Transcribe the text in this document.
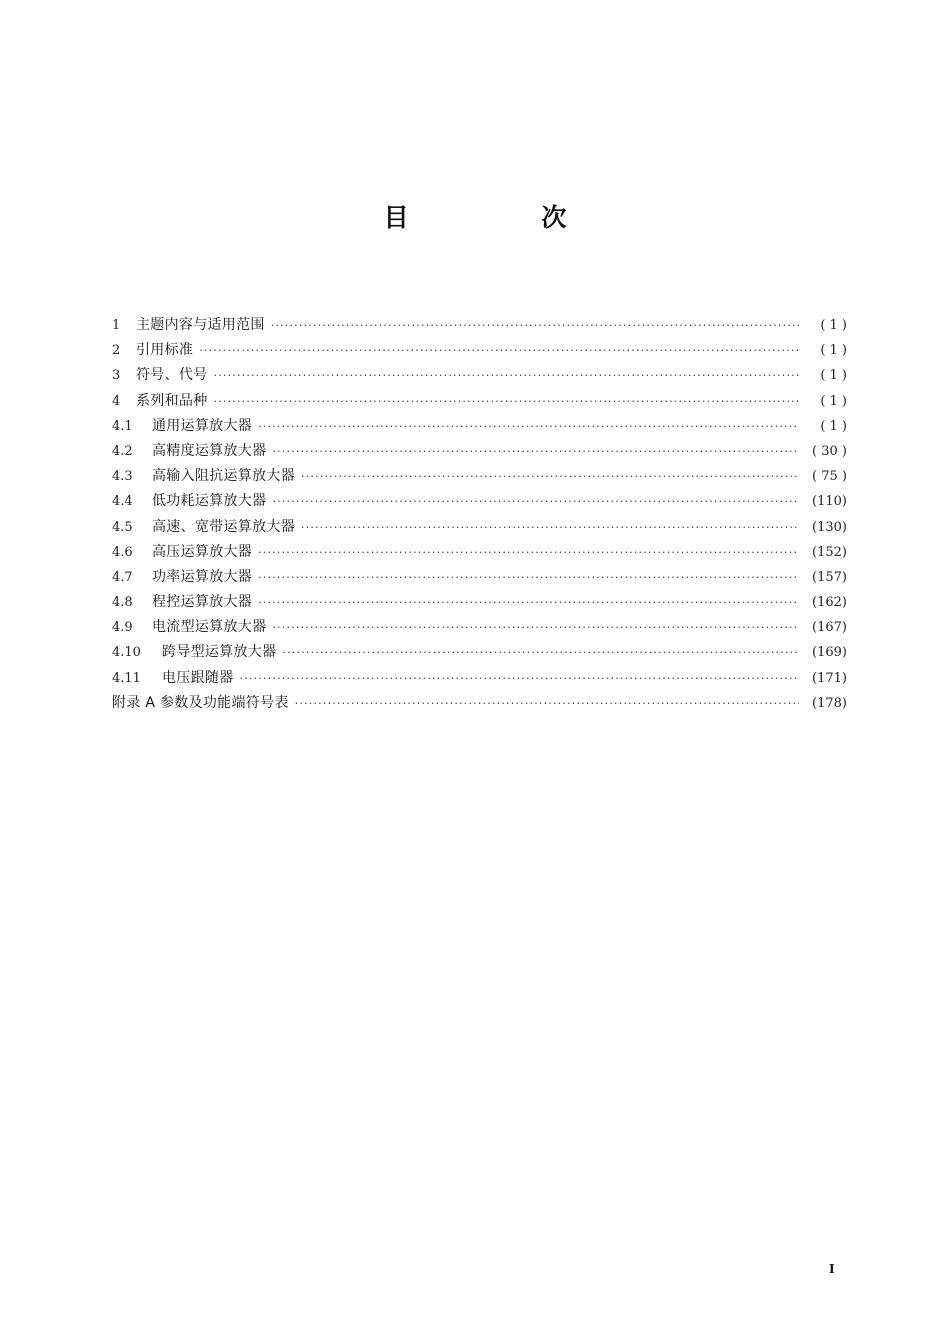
目 次
1	主题内容与适用范围 ·····	( 1 )
2	引用标准 ·····	( 1 )
3	符号、代号 ·····	( 1 )
4	系列和品种 ·····	( 1 )
4.1	通用运算放大器 ·····	( 1 )
4.2	高精度运算放大器 ·····	( 30 )
4.3	高输入阻抗运算放大器 ·····	( 75 )
4.4	低功耗运算放大器 ·····	(110)
4.5	高速、宽带运算放大器 ·····	(130)
4.6	高压运算放大器 ·····	(152)
4.7	功率运算放大器 ·····	(157)
4.8	程控运算放大器 ·····	(162)
4.9	电流型运算放大器 ·····	(167)
4.10	跨导型运算放大器 ·····	(169)
4.11	电压跟随器 ·····	(171)
附录 A 参数及功能端符号表 ·····	(178)
I
